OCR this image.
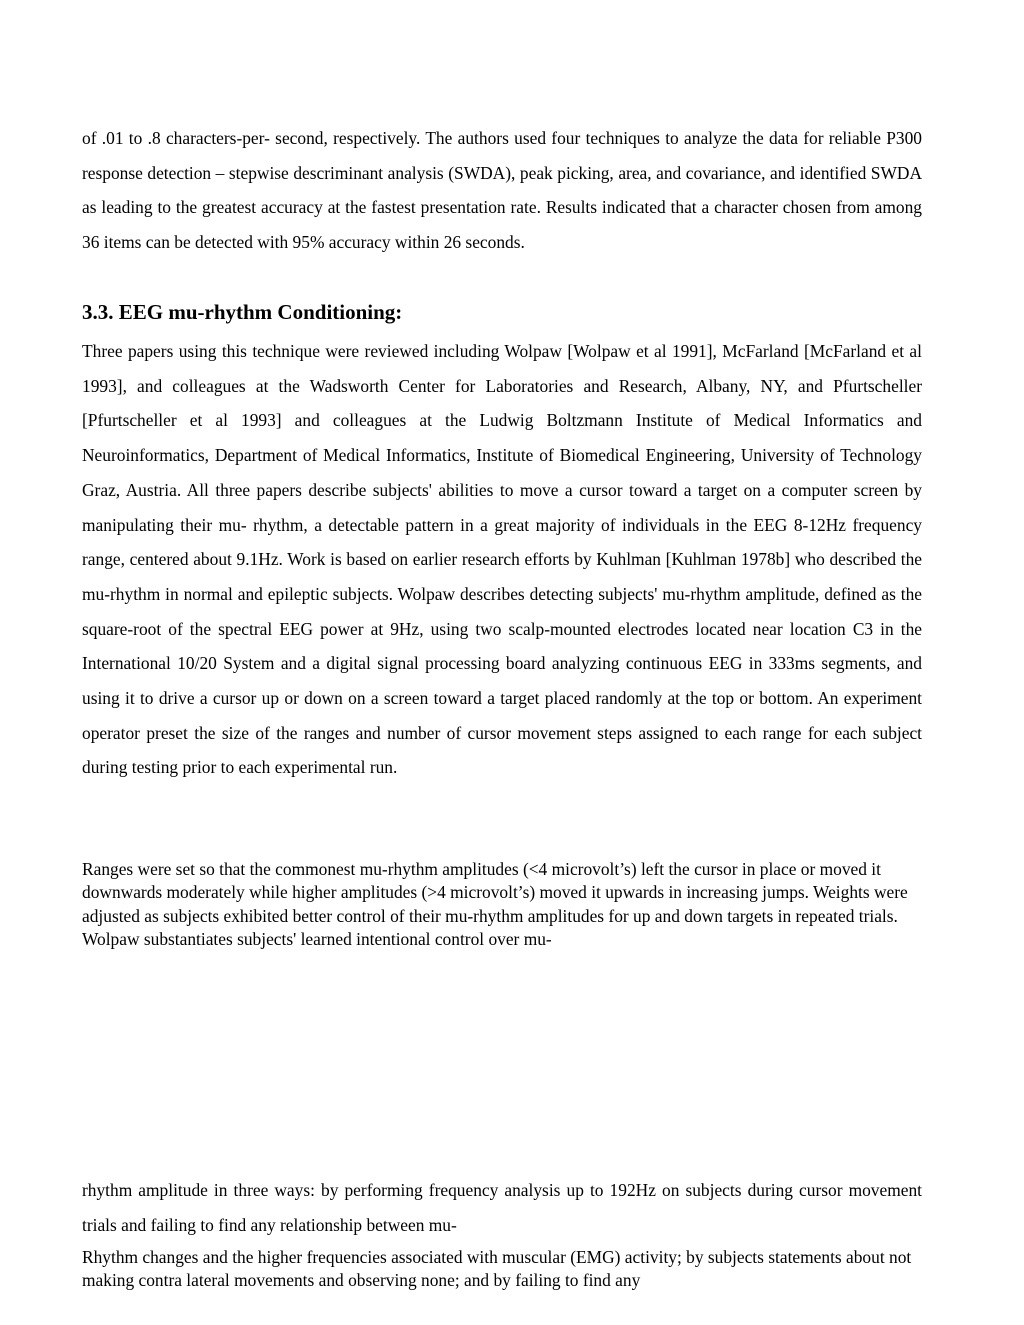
of .01 to .8 characters-per- second, respectively. The authors used four techniques to analyze the data for reliable P300 response detection – stepwise descriminant analysis (SWDA), peak picking, area, and covariance, and identified SWDA as leading to the greatest accuracy at the fastest presentation rate. Results indicated that a character chosen from among 36 items can be detected with 95% accuracy within 26 seconds.

3.3. EEG mu-rhythm Conditioning:

Three papers using this technique were reviewed including Wolpaw [Wolpaw et al 1991], McFarland [McFarland et al 1993], and colleagues at the Wadsworth Center for Laboratories and Research, Albany, NY, and Pfurtscheller [Pfurtscheller et al 1993] and colleagues at the Ludwig Boltzmann Institute of Medical Informatics and Neuroinformatics, Department of Medical Informatics, Institute of Biomedical Engineering, University of Technology Graz, Austria. All three papers describe subjects' abilities to move a cursor toward a target on a computer screen by manipulating their mu- rhythm, a detectable pattern in a great majority of individuals in the EEG 8-12Hz frequency range, centered about 9.1Hz. Work is based on earlier research efforts by Kuhlman [Kuhlman 1978b] who described the mu-rhythm in normal and epileptic subjects. Wolpaw describes detecting subjects' mu-rhythm amplitude, defined as the square-root of the spectral EEG power at 9Hz, using two scalp-mounted electrodes located near location C3 in the International 10/20 System and a digital signal processing board analyzing continuous EEG in 333ms segments, and using it to drive a cursor up or down on a screen toward a target placed randomly at the top or bottom. An experiment operator preset the size of the ranges and number of cursor movement steps assigned to each range for each subject during testing prior to each experimental run.

Ranges were set so that the commonest mu-rhythm amplitudes (<4 microvolt’s) left the cursor in place or moved it downwards moderately while higher amplitudes (>4 microvolt’s) moved it upwards in increasing jumps. Weights were adjusted as subjects exhibited better control of their mu-rhythm amplitudes for up and down targets in repeated trials. Wolpaw substantiates subjects' learned intentional control over mu-

rhythm amplitude in three ways: by performing frequency analysis up to 192Hz on subjects during cursor movement trials and failing to find any relationship between mu-

Rhythm changes and the higher frequencies associated with muscular (EMG) activity; by subjects statements about not making contra lateral movements and observing none; and by failing to find any
